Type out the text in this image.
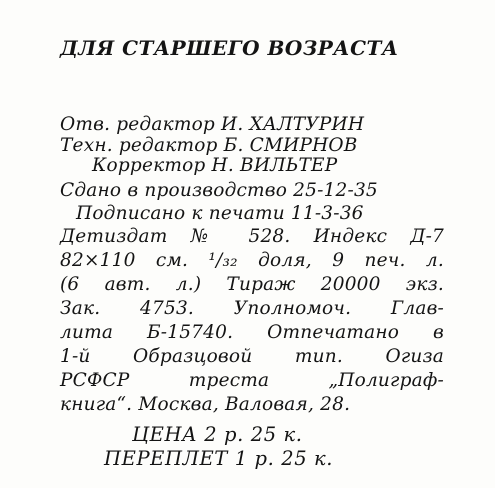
ДЛЯ СТАРШЕГО ВОЗРАСТА
Отв. редактор И. ХАЛТУРИН
Техн. редактор Б. СМИРНОВ
Корректор Н. ВИЛЬТЕР
Сдано в производство 25-12-35
Подписано к печати 11-3-36
Детиздат № 528. Индекс Д-7
82×110 см. ¹/₃₂ доля, 9 печ. л.
(6 авт. л.) Тираж 20000 экз.
Зак. 4753. Уполномоч. Глав-
лита Б-15740. Отпечатано в
1-й Образцовой тип. Огиза
РСФСР треста „Полиграф-
книга“. Москва, Валовая, 28.
ЦЕНА 2 р. 25 к.
ПЕРЕПЛЕТ 1 р. 25 к.
